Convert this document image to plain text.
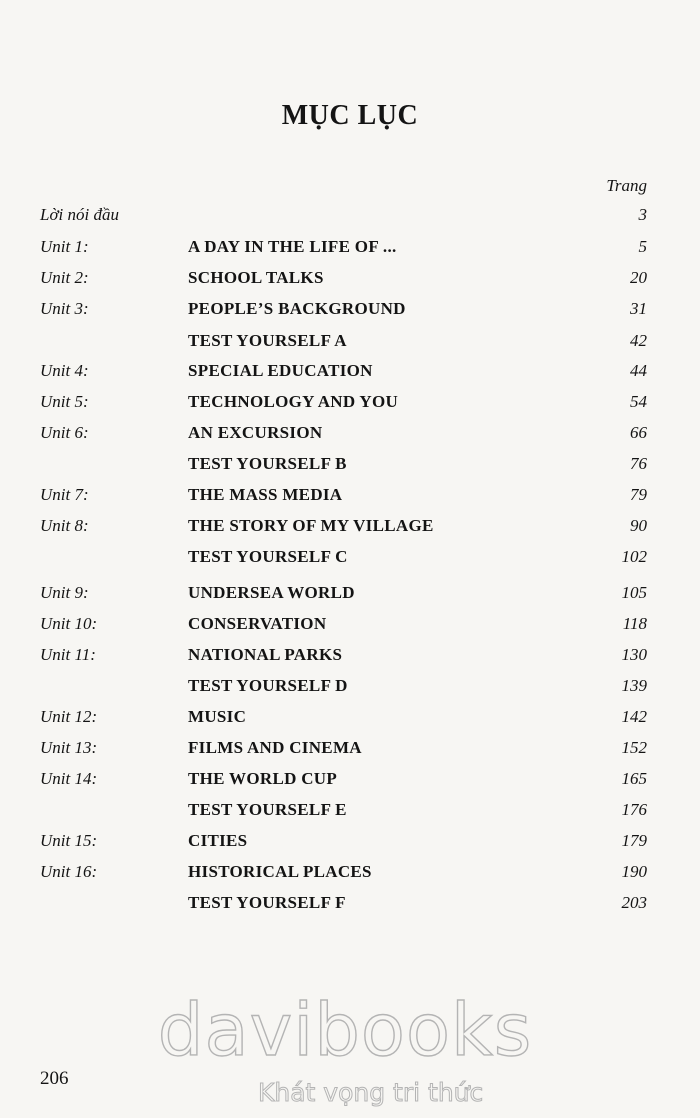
MỤC LỤC
Trang
Lời nói đầu	3
Unit 1:	A DAY IN THE LIFE OF ...	5
Unit 2:	SCHOOL TALKS	20
Unit 3:	PEOPLE’S BACKGROUND	31
TEST YOURSELF A	42
Unit 4:	SPECIAL EDUCATION	44
Unit 5:	TECHNOLOGY AND YOU	54
Unit 6:	AN EXCURSION	66
TEST YOURSELF B	76
Unit 7:	THE MASS MEDIA	79
Unit 8:	THE STORY OF MY VILLAGE	90
TEST YOURSELF C	102
Unit 9:	UNDERSEA WORLD	105
Unit 10:	CONSERVATION	118
Unit 11:	NATIONAL PARKS	130
TEST YOURSELF D	139
Unit 12:	MUSIC	142
Unit 13:	FILMS AND CINEMA	152
Unit 14:	THE WORLD CUP	165
TEST YOURSELF E	176
Unit 15:	CITIES	179
Unit 16:	HISTORICAL PLACES	190
TEST YOURSELF F	203
206
davibooks
Khát vọng tri thức
